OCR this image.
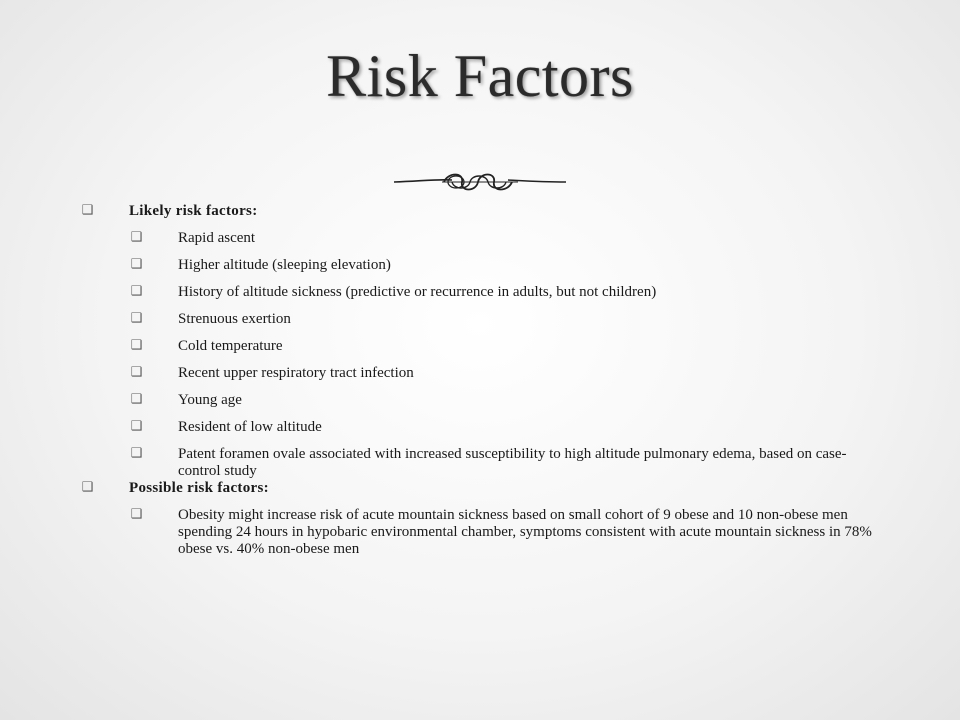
Risk Factors
❑ Likely risk factors:
❑ Rapid ascent
❑ Higher altitude (sleeping elevation)
❑ History of altitude sickness (predictive or recurrence in adults, but not children)
❑ Strenuous exertion
❑ Cold temperature
❑ Recent upper respiratory tract infection
❑ Young age
❑ Resident of low altitude
❑ Patent foramen ovale associated with increased susceptibility to high altitude pulmonary edema, based on case-control study
❑ Possible risk factors:
❑ Obesity might increase risk of acute mountain sickness based on small cohort of 9 obese and 10 non-obese men spending 24 hours in hypobaric environmental chamber, symptoms consistent with acute mountain sickness in 78% obese vs. 40% non-obese men
